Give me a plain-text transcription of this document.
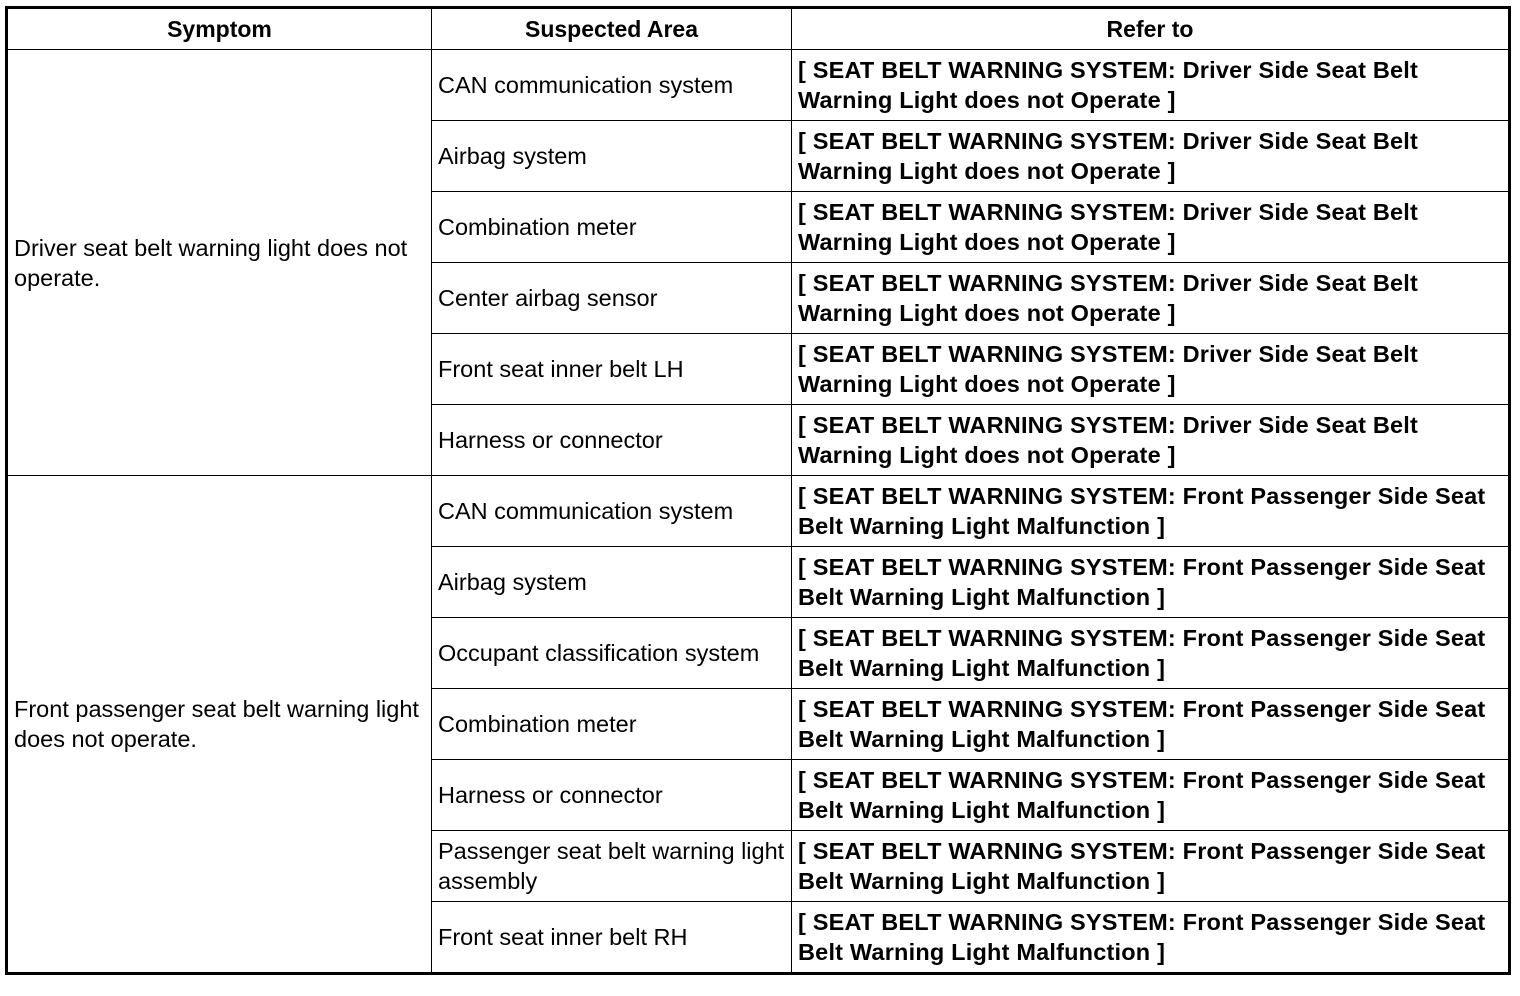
Symptom	Suspected Area	Refer to
Driver seat belt warning light does not operate.	CAN communication system	[ SEAT BELT WARNING SYSTEM: Driver Side Seat Belt Warning Light does not Operate ]
	Airbag system	[ SEAT BELT WARNING SYSTEM: Driver Side Seat Belt Warning Light does not Operate ]
	Combination meter	[ SEAT BELT WARNING SYSTEM: Driver Side Seat Belt Warning Light does not Operate ]
	Center airbag sensor	[ SEAT BELT WARNING SYSTEM: Driver Side Seat Belt Warning Light does not Operate ]
	Front seat inner belt LH	[ SEAT BELT WARNING SYSTEM: Driver Side Seat Belt Warning Light does not Operate ]
	Harness or connector	[ SEAT BELT WARNING SYSTEM: Driver Side Seat Belt Warning Light does not Operate ]
Front passenger seat belt warning light does not operate.	CAN communication system	[ SEAT BELT WARNING SYSTEM: Front Passenger Side Seat Belt Warning Light Malfunction ]
	Airbag system	[ SEAT BELT WARNING SYSTEM: Front Passenger Side Seat Belt Warning Light Malfunction ]
	Occupant classification system	[ SEAT BELT WARNING SYSTEM: Front Passenger Side Seat Belt Warning Light Malfunction ]
	Combination meter	[ SEAT BELT WARNING SYSTEM: Front Passenger Side Seat Belt Warning Light Malfunction ]
	Harness or connector	[ SEAT BELT WARNING SYSTEM: Front Passenger Side Seat Belt Warning Light Malfunction ]
	Passenger seat belt warning light assembly	[ SEAT BELT WARNING SYSTEM: Front Passenger Side Seat Belt Warning Light Malfunction ]
	Front seat inner belt RH	[ SEAT BELT WARNING SYSTEM: Front Passenger Side Seat Belt Warning Light Malfunction ]
